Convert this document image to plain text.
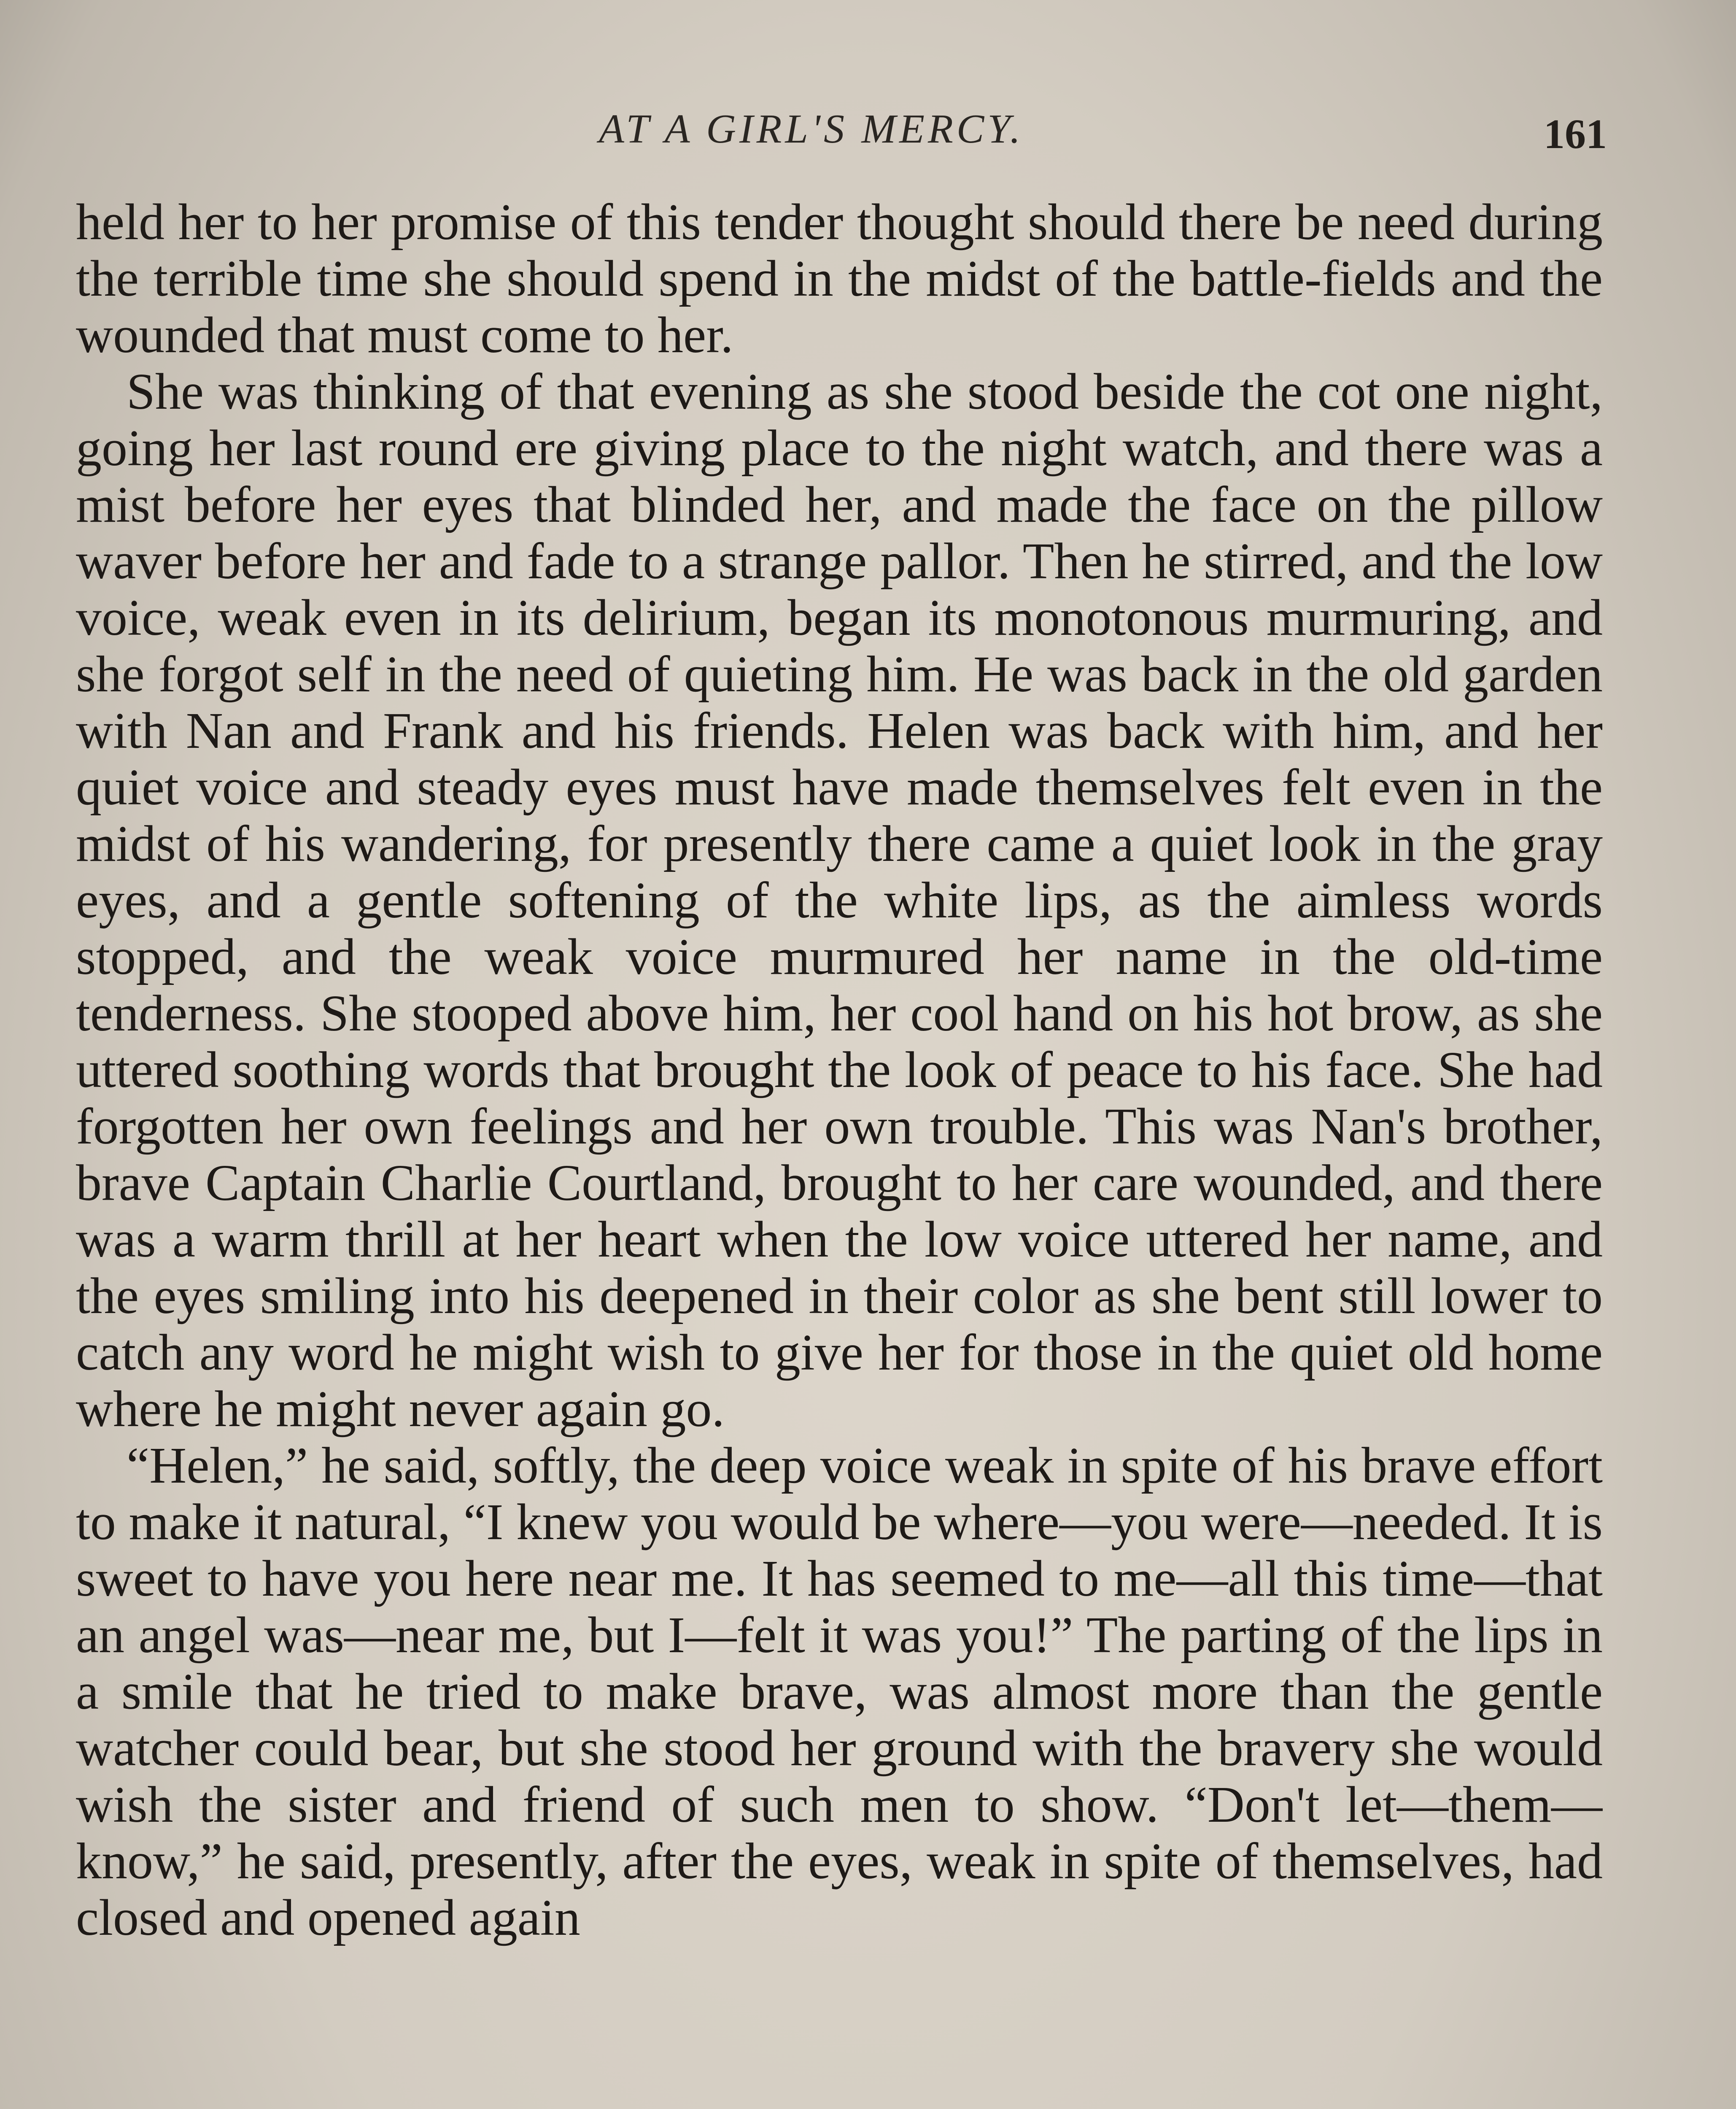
AT A GIRL'S MERCY.	161

held her to her promise of this tender thought should there be need during the terrible time she should spend in the midst of the battle-fields and the wounded that must come to her.

She was thinking of that evening as she stood beside the cot one night, going her last round ere giving place to the night watch, and there was a mist before her eyes that blinded her, and made the face on the pillow waver before her and fade to a strange pallor. Then he stirred, and the low voice, weak even in its delirium, began its monotonous murmuring, and she forgot self in the need of quieting him. He was back in the old garden with Nan and Frank and his friends. Helen was back with him, and her quiet voice and steady eyes must have made themselves felt even in the midst of his wandering, for presently there came a quiet look in the gray eyes, and a gentle softening of the white lips, as the aimless words stopped, and the weak voice murmured her name in the old-time tenderness. She stooped above him, her cool hand on his hot brow, as she uttered soothing words that brought the look of peace to his face. She had forgotten her own feelings and her own trouble. This was Nan's brother, brave Captain Charlie Courtland, brought to her care wounded, and there was a warm thrill at her heart when the low voice uttered her name, and the eyes smiling into his deepened in their color as she bent still lower to catch any word he might wish to give her for those in the quiet old home where he might never again go.

“Helen,” he said, softly, the deep voice weak in spite of his brave effort to make it natural, “I knew you would be where—you were—needed. It is sweet to have you here near me. It has seemed to me—all this time—that an angel was—near me, but I—felt it was you!” The parting of the lips in a smile that he tried to make brave, was almost more than the gentle watcher could bear, but she stood her ground with the bravery she would wish the sister and friend of such men to show. “Don't let—them—know,” he said, presently, after the eyes, weak in spite of themselves, had closed and opened again
